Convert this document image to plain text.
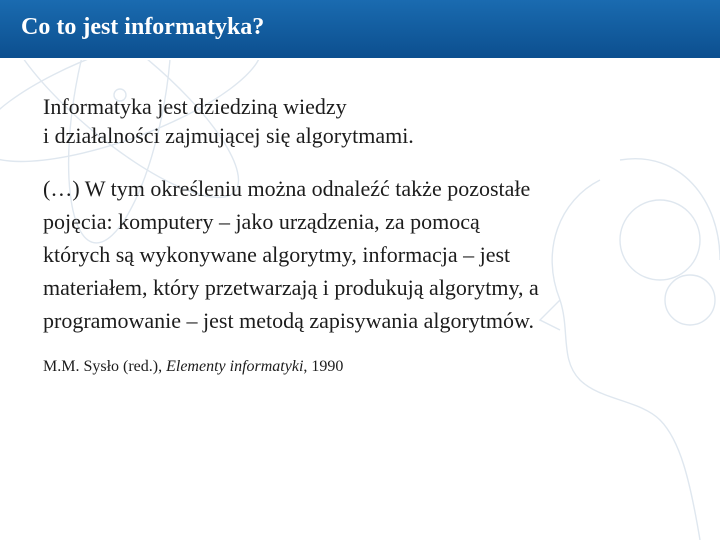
Co to jest informatyka?

Informatyka jest dziedziną wiedzy
i działalności zajmującej się algorytmami.

(…) W tym określeniu można odnaleźć także pozostałe
pojęcia: komputery – jako urządzenia, za pomocą
których są wykonywane algorytmy, informacja – jest
materiałem, który przetwarzają i produkują algorytmy, a
programowanie – jest metodą zapisywania algorytmów.

M.M. Sysło (red.), Elementy informatyki, 1990
